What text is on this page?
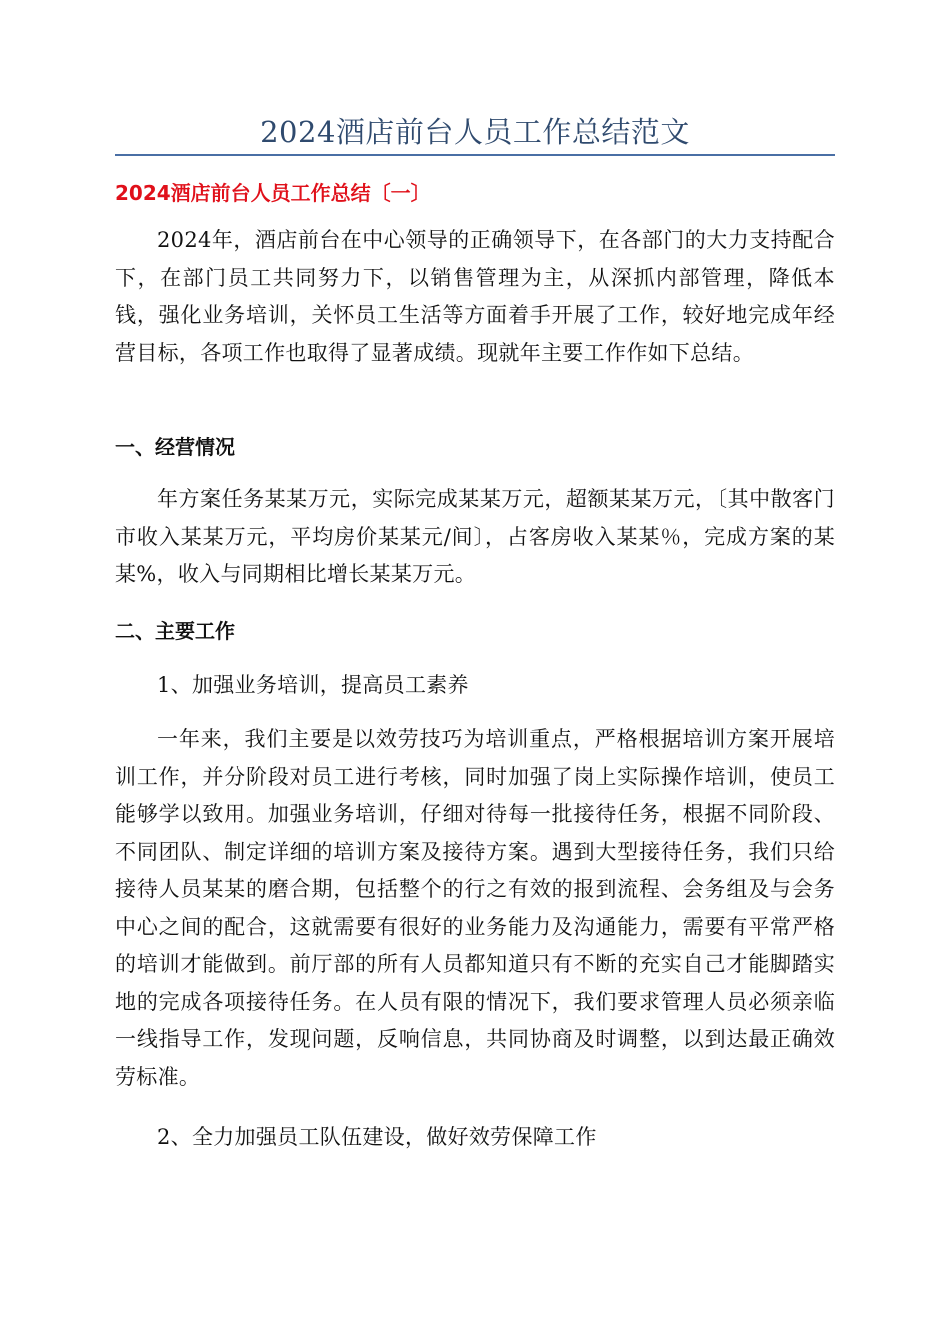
2024酒店前台人员工作总结范文
2024酒店前台人员工作总结〔一〕

2024年，酒店前台在中心领导的正确领导下，在各部门的大力支持配合下，在部门员工共同努力下，以销售管理为主，从深抓内部管理，降低本钱，强化业务培训，关怀员工生活等方面着手开展了工作，较好地完成年经营目标，各项工作也取得了显著成绩。现就年主要工作作如下总结。

一、经营情况

年方案任务某某万元，实际完成某某万元，超额某某万元，〔其中散客门市收入某某万元，平均房价某某元/间〕，占客房收入某某％，完成方案的某某%，收入与同期相比增长某某万元。

二、主要工作
1、加强业务培训，提高员工素养

一年来，我们主要是以效劳技巧为培训重点，严格根据培训方案开展培训工作，并分阶段对员工进行考核，同时加强了岗上实际操作培训，使员工能够学以致用。加强业务培训，仔细对待每一批接待任务，根据不同阶段、不同团队、制定详细的培训方案及接待方案。遇到大型接待任务，我们只给接待人员某某的磨合期，包括整个的行之有效的报到流程、会务组及与会务中心之间的配合，这就需要有很好的业务能力及沟通能力，需要有平常严格的培训才能做到。前厅部的所有人员都知道只有不断的充实自己才能脚踏实地的完成各项接待任务。在人员有限的情况下，我们要求管理人员必须亲临一线指导工作，发现问题，反响信息，共同协商及时调整，以到达最正确效劳标准。

2、全力加强员工队伍建设，做好效劳保障工作
